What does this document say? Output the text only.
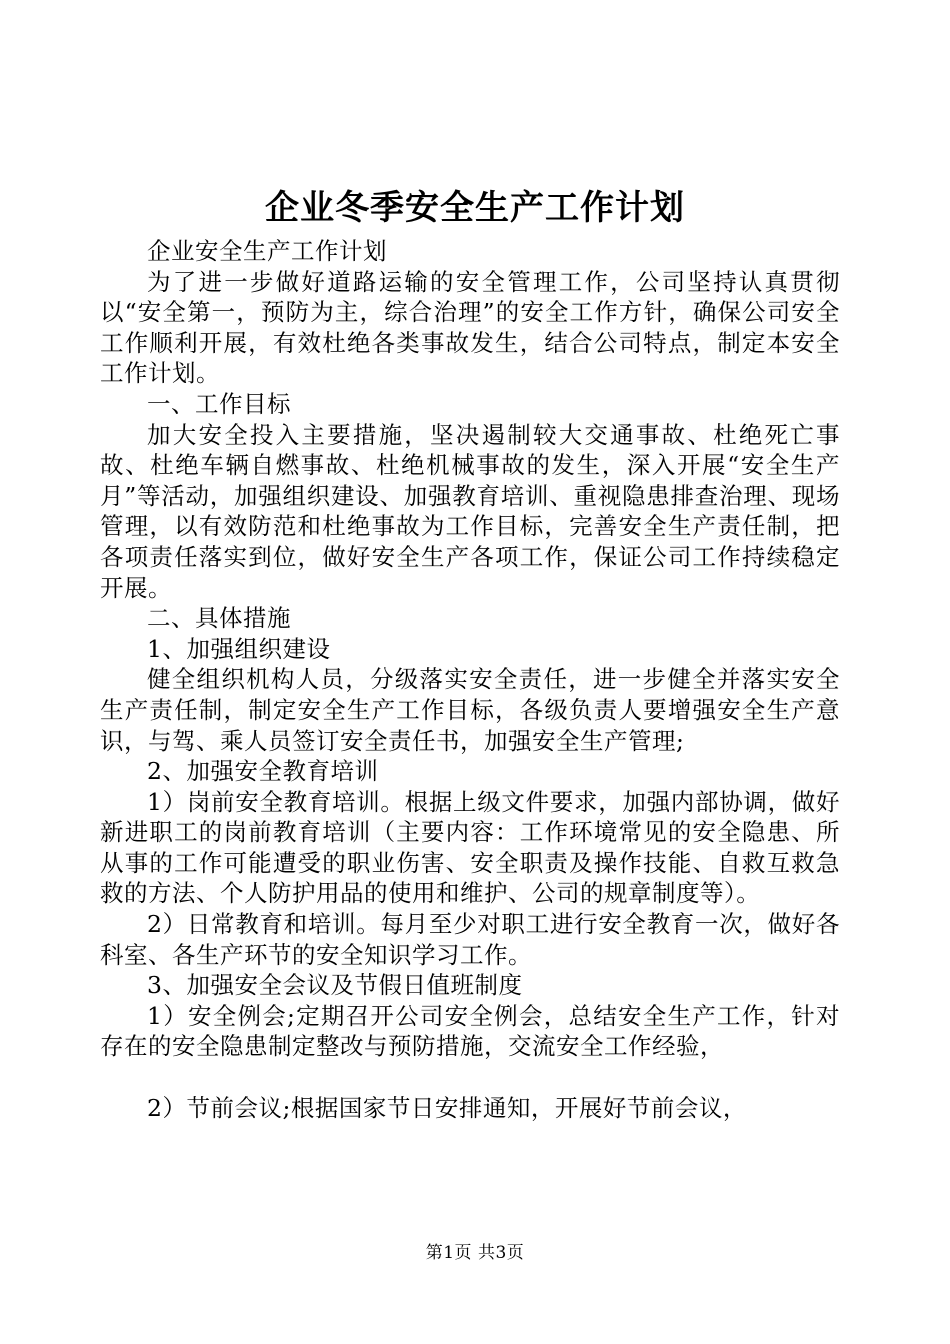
企业冬季安全生产工作计划

企业安全生产工作计划

为了进一步做好道路运输的安全管理工作，公司坚持认真贯彻以“安全第一，预防为主，综合治理”的安全工作方针，确保公司安全工作顺利开展，有效杜绝各类事故发生，结合公司特点，制定本安全工作计划。

一、工作目标

加大安全投入主要措施，坚决遏制较大交通事故、杜绝死亡事故、杜绝车辆自燃事故、杜绝机械事故的发生，深入开展“安全生产月”等活动，加强组织建设、加强教育培训、重视隐患排查治理、现场管理，以有效防范和杜绝事故为工作目标，完善安全生产责任制，把各项责任落实到位，做好安全生产各项工作，保证公司工作持续稳定开展。

二、具体措施

1、加强组织建设

健全组织机构人员，分级落实安全责任，进一步健全并落实安全生产责任制，制定安全生产工作目标，各级负责人要增强安全生产意识，与驾、乘人员签订安全责任书，加强安全生产管理;

2、加强安全教育培训

1）岗前安全教育培训。根据上级文件要求，加强内部协调，做好新进职工的岗前教育培训（主要内容：工作环境常见的安全隐患、所从事的工作可能遭受的职业伤害、安全职责及操作技能、自救互救急救的方法、个人防护用品的使用和维护、公司的规章制度等）。

2）日常教育和培训。每月至少对职工进行安全教育一次，做好各科室、各生产环节的安全知识学习工作。

3、加强安全会议及节假日值班制度

1）安全例会;定期召开公司安全例会，总结安全生产工作，针对存在的安全隐患制定整改与预防措施，交流安全工作经验，

2）节前会议;根据国家节日安排通知，开展好节前会议，

第1页 共3页
